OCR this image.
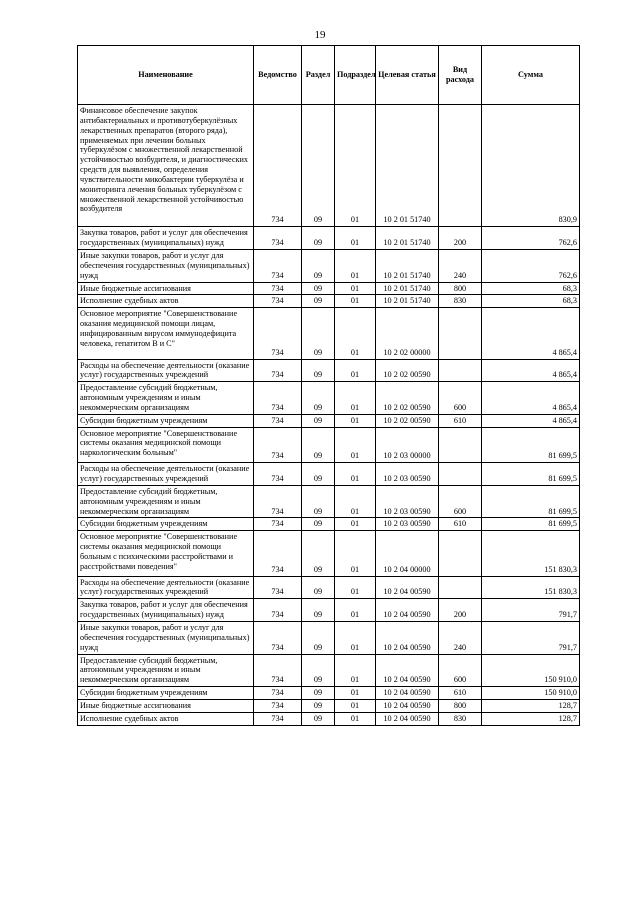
19
Наименование	Ведомство	Раздел	Подраздел	Целевая статья	Вид расхода	Сумма
Финансовое обеспечение закупок антибактериальных и противотуберкулёзных лекарственных препаратов (второго ряда), применяемых при лечении больных туберкулёзом с множественной лекарственной устойчивостью возбудителя, и диагностических средств для выявления, определения чувствительности микобактерии туберкулёза и мониторинга лечения больных туберкулёзом с множественной лекарственной устойчивостью возбудителя	734	09	01	10 2 01 51740		830,9
Закупка товаров, работ и услуг для обеспечения государственных (муниципальных) нужд	734	09	01	10 2 01 51740	200	762,6
Иные закупки товаров, работ и услуг для обеспечения государственных (муниципальных) нужд	734	09	01	10 2 01 51740	240	762,6
Иные бюджетные ассигнования	734	09	01	10 2 01 51740	800	68,3
Исполнение судебных актов	734	09	01	10 2 01 51740	830	68,3
Основное мероприятие "Совершенствование оказания медицинской помощи лицам, инфицированным вирусом иммунодефицита человека, гепатитом B и C"	734	09	01	10 2 02 00000		4 865,4
Расходы на обеспечение деятельности (оказание услуг) государственных учреждений	734	09	01	10 2 02 00590		4 865,4
Предоставление субсидий бюджетным, автономным учреждениям и иным некоммерческим организациям	734	09	01	10 2 02 00590	600	4 865,4
Субсидии бюджетным учреждениям	734	09	01	10 2 02 00590	610	4 865,4
Основное мероприятие "Совершенствование системы оказания медицинской помощи наркологическим больным"	734	09	01	10 2 03 00000		81 699,5
Расходы на обеспечение деятельности (оказание услуг) государственных учреждений	734	09	01	10 2 03 00590		81 699,5
Предоставление субсидий бюджетным, автономным учреждениям и иным некоммерческим организациям	734	09	01	10 2 03 00590	600	81 699,5
Субсидии бюджетным учреждениям	734	09	01	10 2 03 00590	610	81 699,5
Основное мероприятие "Совершенствование системы оказания медицинской помощи больным с психическими расстройствами и расстройствами поведения"	734	09	01	10 2 04 00000		151 830,3
Расходы на обеспечение деятельности (оказание услуг) государственных учреждений	734	09	01	10 2 04 00590		151 830,3
Закупка товаров, работ и услуг для обеспечения государственных (муниципальных) нужд	734	09	01	10 2 04 00590	200	791,7
Иные закупки товаров, работ и услуг для обеспечения государственных (муниципальных) нужд	734	09	01	10 2 04 00590	240	791,7
Предоставление субсидий бюджетным, автономным учреждениям и иным некоммерческим организациям	734	09	01	10 2 04 00590	600	150 910,0
Субсидии бюджетным учреждениям	734	09	01	10 2 04 00590	610	150 910,0
Иные бюджетные ассигнования	734	09	01	10 2 04 00590	800	128,7
Исполнение судебных актов	734	09	01	10 2 04 00590	830	128,7
